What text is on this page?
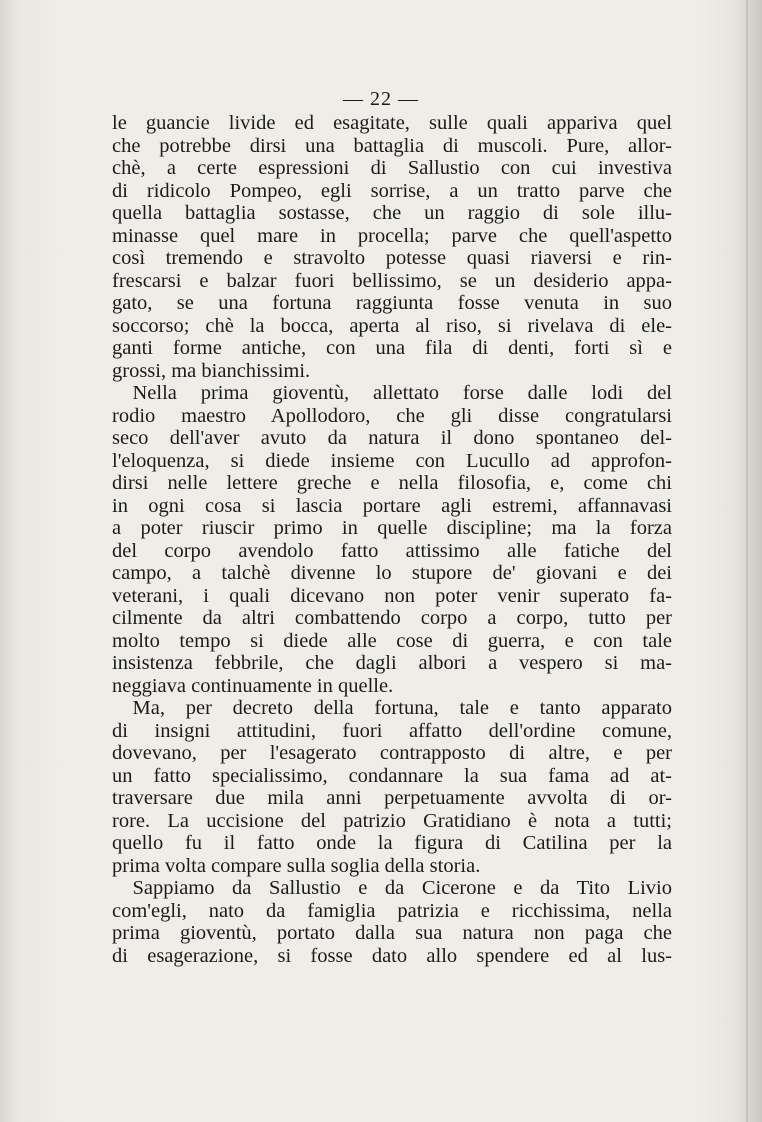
— 22 —
le guancie livide ed esagitate, sulle quali appariva quel
che potrebbe dirsi una battaglia di muscoli. Pure, allor-
chè, a certe espressioni di Sallustio con cui investiva
di ridicolo Pompeo, egli sorrise, a un tratto parve che
quella battaglia sostasse, che un raggio di sole illu-
minasse quel mare in procella; parve che quell'aspetto
così tremendo e stravolto potesse quasi riaversi e rin-
frescarsi e balzar fuori bellissimo, se un desiderio appa-
gato, se una fortuna raggiunta fosse venuta in suo
soccorso; chè la bocca, aperta al riso, si rivelava di ele-
ganti forme antiche, con una fila di denti, forti sì e
grossi, ma bianchissimi.
 Nella prima gioventù, allettato forse dalle lodi del
rodio maestro Apollodoro, che gli disse congratularsi
seco dell'aver avuto da natura il dono spontaneo del-
l'eloquenza, si diede insieme con Lucullo ad approfon-
dirsi nelle lettere greche e nella filosofia, e, come chi
in ogni cosa si lascia portare agli estremi, affannavasi
a poter riuscir primo in quelle discipline; ma la forza
del corpo avendolo fatto attissimo alle fatiche del
campo, a talchè divenne lo stupore de' giovani e dei
veterani, i quali dicevano non poter venir superato fa-
cilmente da altri combattendo corpo a corpo, tutto per
molto tempo si diede alle cose di guerra, e con tale
insistenza febbrile, che dagli albori a vespero si ma-
neggiava continuamente in quelle.
 Ma, per decreto della fortuna, tale e tanto apparato
di insigni attitudini, fuori affatto dell'ordine comune,
dovevano, per l'esagerato contrapposto di altre, e per
un fatto specialissimo, condannare la sua fama ad at-
traversare due mila anni perpetuamente avvolta di or-
rore. La uccisione del patrizio Gratidiano è nota a tutti;
quello fu il fatto onde la figura di Catilina per la
prima volta compare sulla soglia della storia.
 Sappiamo da Sallustio e da Cicerone e da Tito Livio
com'egli, nato da famiglia patrizia e ricchissima, nella
prima gioventù, portato dalla sua natura non paga che
di esagerazione, si fosse dato allo spendere ed al lus-
